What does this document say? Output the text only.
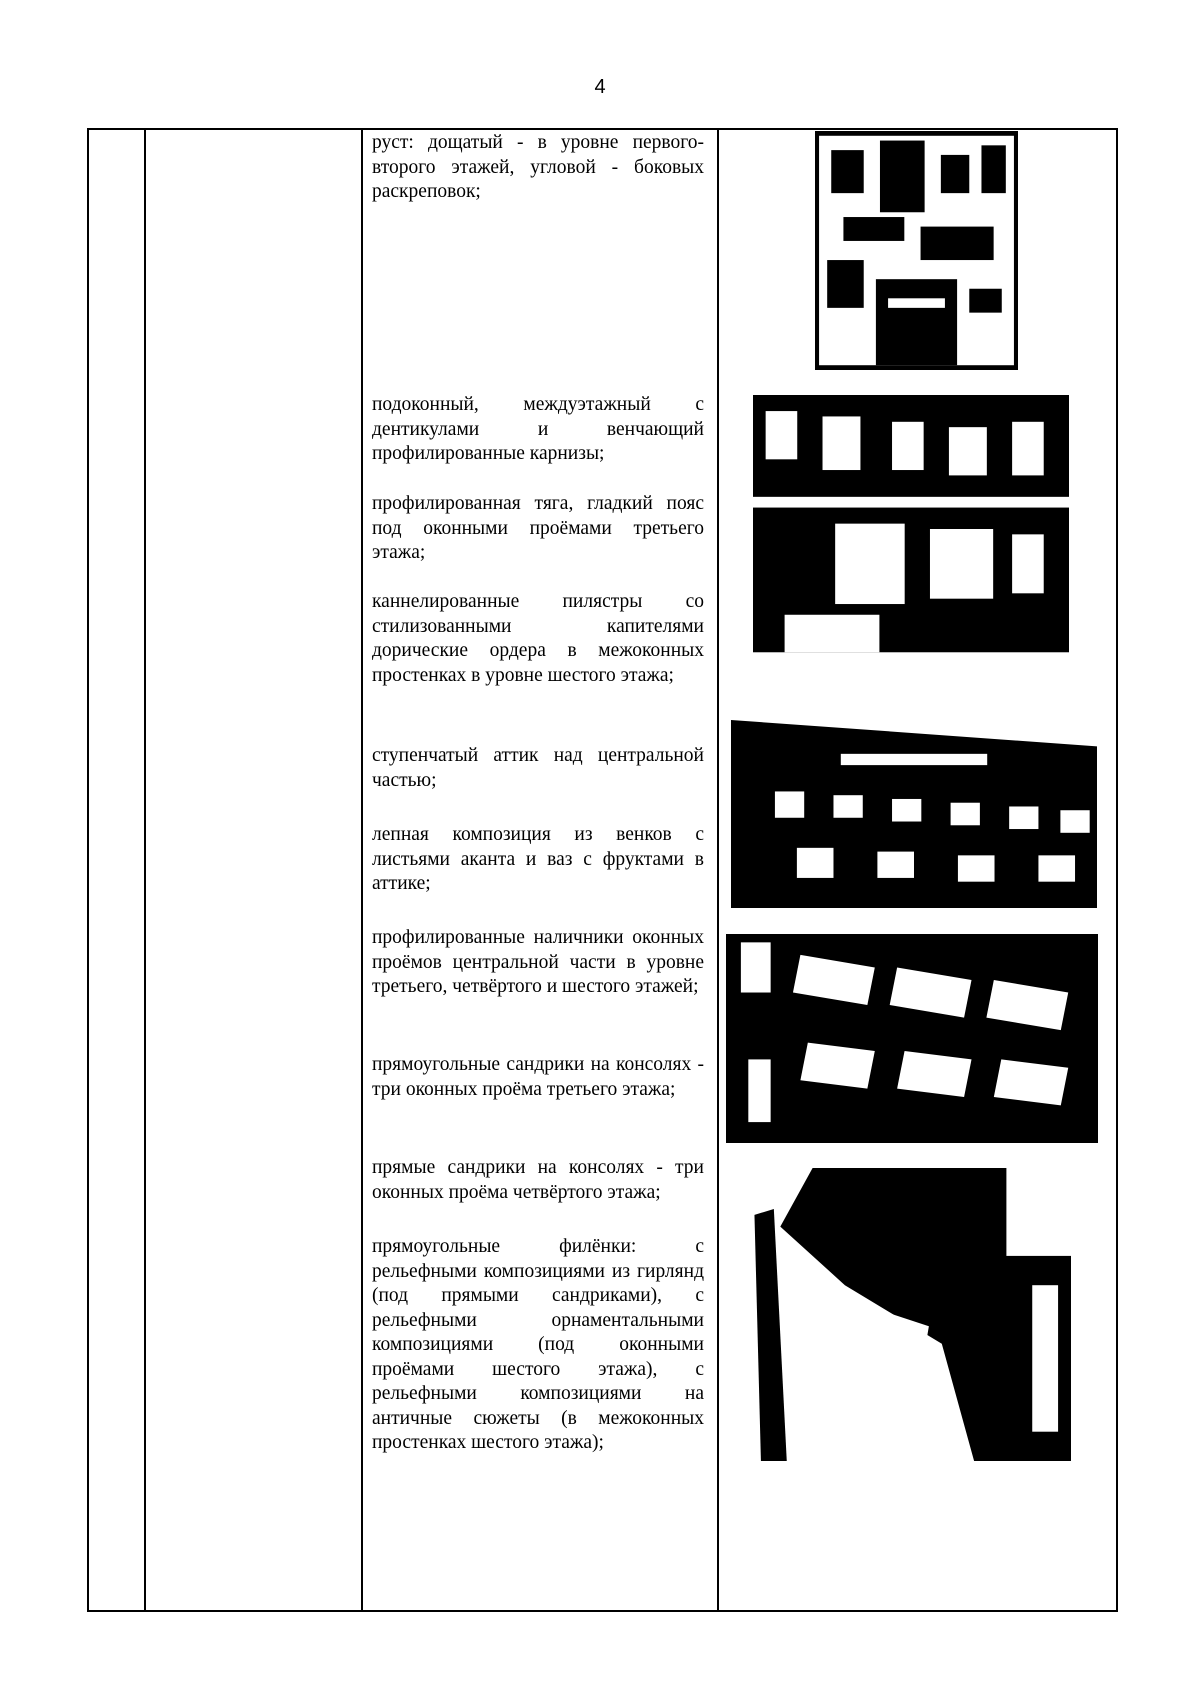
4

руст: дощатый - в уровне первого-второго этажей, угловой - боковых раскреповок;

подоконный, междуэтажный с дентикулами и венчающий профилированные карнизы;

профилированная тяга, гладкий пояс под оконными проёмами третьего этажа;

каннелированные пилястры со стилизованными капителями дорические ордера в межоконных простенках в уровне шестого этажа;

ступенчатый аттик над центральной частью;

лепная композиция из венков с листьями аканта и ваз с фруктами в аттике;

профилированные наличники оконных проёмов центральной части в уровне третьего, четвёртого и шестого этажей;

прямоугольные сандрики на консолях - три оконных проёма третьего этажа;

прямые сандрики на консолях - три оконных проёма четвёртого этажа;

прямоугольные филёнки: с рельефными композициями из гирлянд (под прямыми сандриками), с рельефными орнаментальными композициями (под оконными проёмами шестого этажа), с рельефными композициями на античные сюжеты (в межоконных простенках шестого этажа);
